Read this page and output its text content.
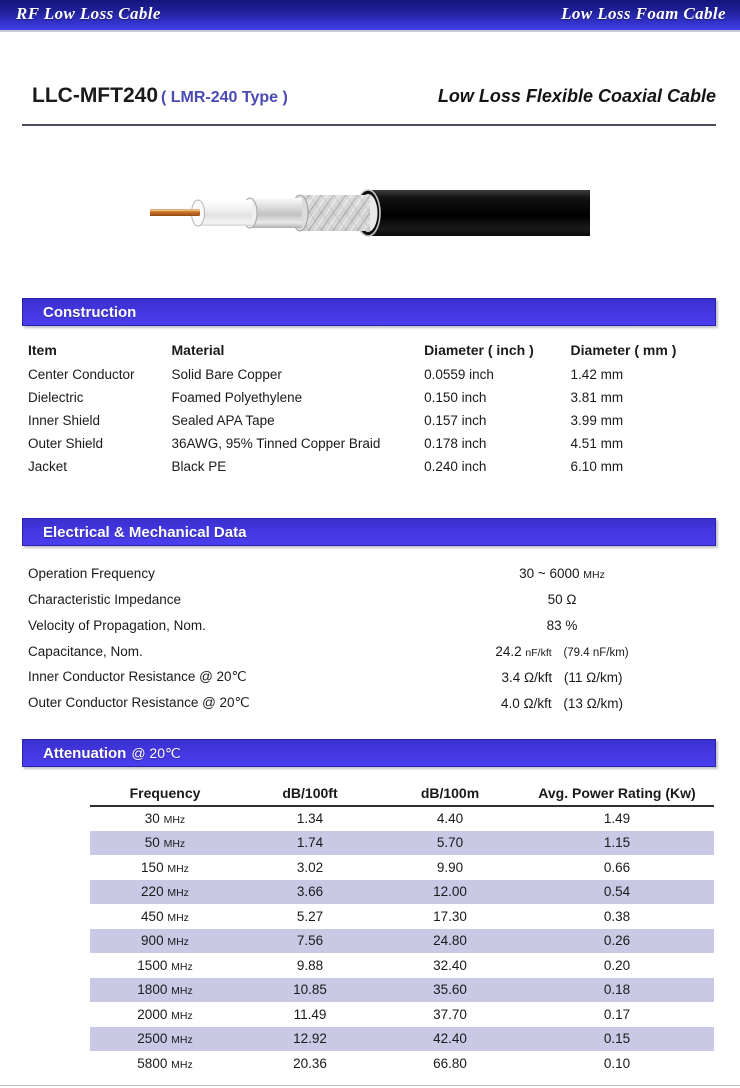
RF Low Loss Cable	Low Loss Foam Cable
LLC-MFT240 ( LMR-240 Type )	Low Loss Flexible Coaxial Cable
Construction
Item	Material	Diameter ( inch )	Diameter ( mm )
Center Conductor	Solid Bare Copper	0.0559 inch	1.42 mm
Dielectric	Foamed Polyethylene	0.150 inch	3.81 mm
Inner Shield	Sealed APA Tape	0.157 inch	3.99 mm
Outer Shield	36AWG, 95% Tinned Copper Braid	0.178 inch	4.51 mm
Jacket	Black PE	0.240 inch	6.10 mm
Electrical & Mechanical Data
Operation Frequency	30 ~ 6000 MHz
Characteristic Impedance	50 Ω
Velocity of Propagation, Nom.	83 %
Capacitance, Nom.	24.2 nF/kft (79.4 nF/km)
Inner Conductor Resistance @ 20℃	3.4 Ω/kft (11 Ω/km)
Outer Conductor Resistance @ 20℃	4.0 Ω/kft (13 Ω/km)
Attenuation @ 20℃
Frequency	dB/100ft	dB/100m	Avg. Power Rating (Kw)
30 MHz	1.34	4.40	1.49
50 MHz	1.74	5.70	1.15
150 MHz	3.02	9.90	0.66
220 MHz	3.66	12.00	0.54
450 MHz	5.27	17.30	0.38
900 MHz	7.56	24.80	0.26
1500 MHz	9.88	32.40	0.20
1800 MHz	10.85	35.60	0.18
2000 MHz	11.49	37.70	0.17
2500 MHz	12.92	42.40	0.15
5800 MHz	20.36	66.80	0.10
